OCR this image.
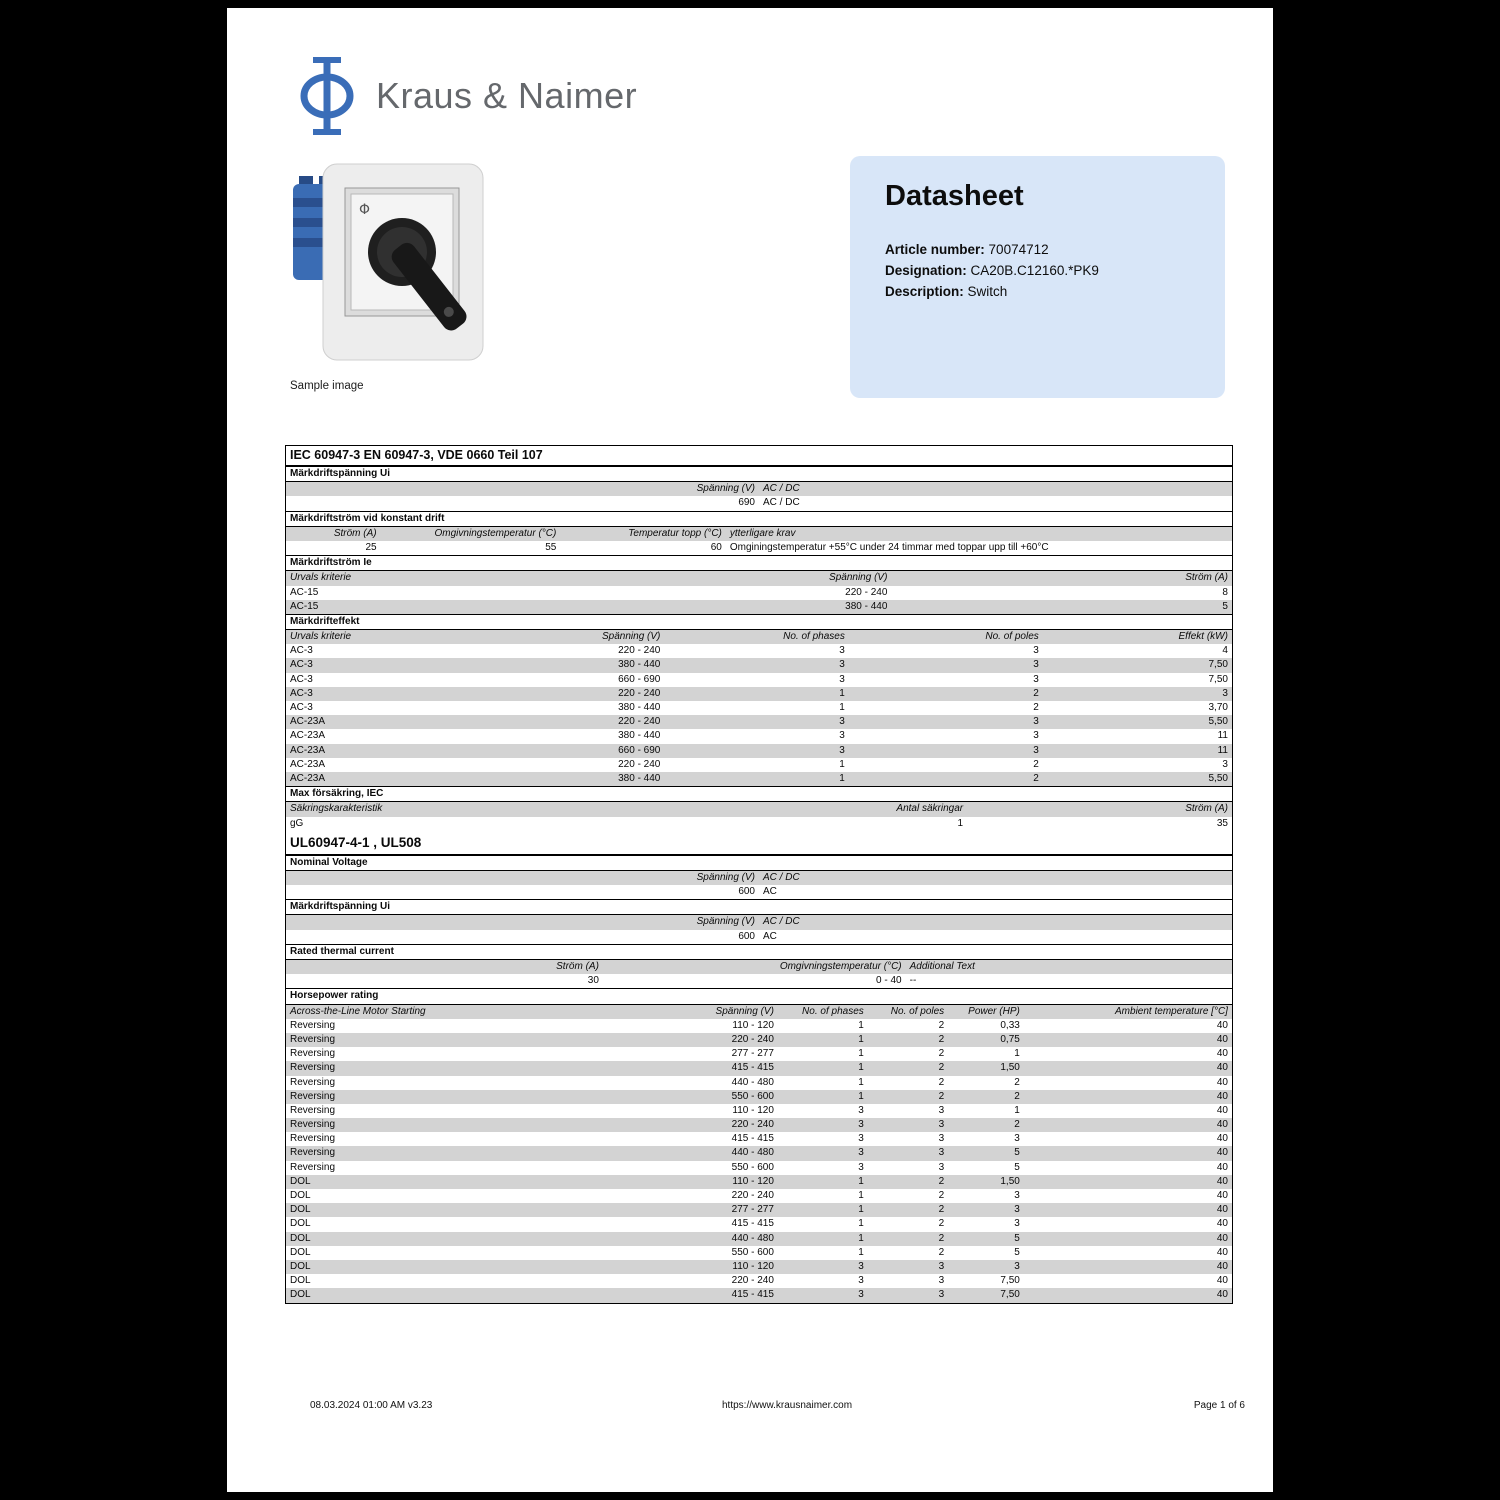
Kraus & Naimer
Φ
Sample image
Datasheet
Article number: 70074712
Designation: CA20B.C12160.*PK9
Description: Switch
IEC 60947-3 EN 60947-3, VDE 0660 Teil 107
Märkdriftspänning Ui
Spänning (V) AC / DC
690 AC / DC
Märkdriftström vid konstant drift
Ström (A)	Omgivningstemperatur (°C)	Temperatur topp (°C) ytterligare krav
25	55	60 Omginingstemperatur +55°C under 24 timmar med toppar upp till +60°C
Märkdriftström Ie
Urvals kriterie	Spänning (V)	Ström (A)
AC-15	220 - 240	8
AC-15	380 - 440	5
Märkdrifteffekt
Urvals kriterie	Spänning (V)	No. of phases	No. of poles	Effekt (kW)
AC-3	220 - 240	3	3	4
AC-3	380 - 440	3	3	7,50
AC-3	660 - 690	3	3	7,50
AC-3	220 - 240	1	2	3
AC-3	380 - 440	1	2	3,70
AC-23A	220 - 240	3	3	5,50
AC-23A	380 - 440	3	3	11
AC-23A	660 - 690	3	3	11
AC-23A	220 - 240	1	2	3
AC-23A	380 - 440	1	2	5,50
Max försäkring, IEC
Säkringskarakteristik	Antal säkringar	Ström (A)
gG	1	35
UL60947-4-1 , UL508
Nominal Voltage
Spänning (V) AC / DC
600 AC
Märkdriftspänning Ui
Spänning (V) AC / DC
600 AC
Rated thermal current
Ström (A)	Omgivningstemperatur (°C) Additional Text
30	0 - 40 --
Horsepower rating
Across-the-Line Motor Starting	Spänning (V)	No. of phases	No. of poles	Power (HP)	Ambient temperature [°C]
Reversing	110 - 120	1	2	0,33	40
Reversing	220 - 240	1	2	0,75	40
Reversing	277 - 277	1	2	1	40
Reversing	415 - 415	1	2	1,50	40
Reversing	440 - 480	1	2	2	40
Reversing	550 - 600	1	2	2	40
Reversing	110 - 120	3	3	1	40
Reversing	220 - 240	3	3	2	40
Reversing	415 - 415	3	3	3	40
Reversing	440 - 480	3	3	5	40
Reversing	550 - 600	3	3	5	40
DOL	110 - 120	1	2	1,50	40
DOL	220 - 240	1	2	3	40
DOL	277 - 277	1	2	3	40
DOL	415 - 415	1	2	3	40
DOL	440 - 480	1	2	5	40
DOL	550 - 600	1	2	5	40
DOL	110 - 120	3	3	3	40
DOL	220 - 240	3	3	7,50	40
DOL	415 - 415	3	3	7,50	40
08.03.2024 01:00 AM v3.23	https://www.krausnaimer.com	Page 1 of 6
